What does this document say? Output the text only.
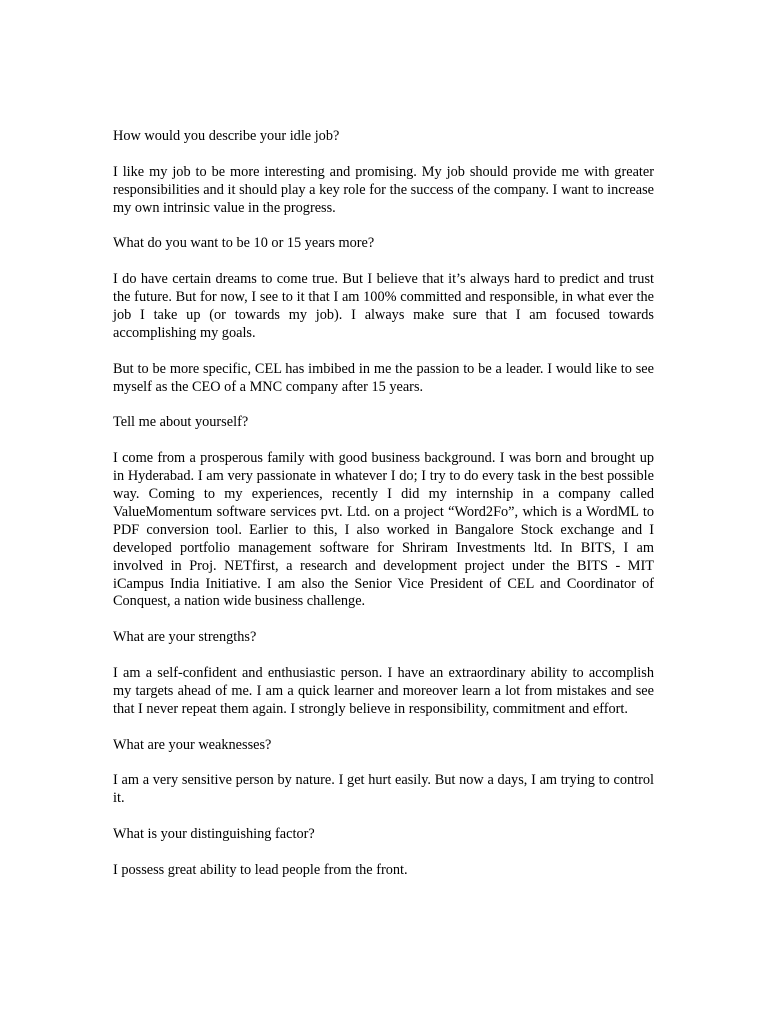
How would you describe your idle job?

I like my job to be more interesting and promising. My job should provide me with greater responsibilities and it should play a key role for the success of the company. I want to increase my own intrinsic value in the progress.

What do you want to be 10 or 15 years more?

I do have certain dreams to come true. But I believe that it’s always hard to predict and trust the future. But for now, I see to it that I am 100% committed and responsible, in what ever the job I take up (or towards my job). I always make sure that I am focused towards accomplishing my goals.

But to be more specific, CEL has imbibed in me the passion to be a leader. I would like to see myself as the CEO of a MNC company after 15 years.

Tell me about yourself?

I come from a prosperous family with good business background. I was born and brought up in Hyderabad. I am very passionate in whatever I do; I try to do every task in the best possible way. Coming to my experiences, recently I did my internship in a company called ValueMomentum software services pvt. Ltd. on a project “Word2Fo”, which is a WordML to PDF conversion tool. Earlier to this, I also worked in Bangalore Stock exchange and I developed portfolio management software for Shriram Investments ltd. In BITS, I am involved in Proj. NETfirst, a research and development project under the BITS - MIT iCampus India Initiative. I am also the Senior Vice President of CEL and Coordinator of Conquest, a nation wide business challenge.

What are your strengths?

I am a self-confident and enthusiastic person. I have an extraordinary ability to accomplish my targets ahead of me. I am a quick learner and moreover learn a lot from mistakes and see that I never repeat them again. I strongly believe in responsibility, commitment and effort.

What are your weaknesses?

I am a very sensitive person by nature. I get hurt easily. But now a days, I am trying to control it.

What is your distinguishing factor?

I possess great ability to lead people from the front.
